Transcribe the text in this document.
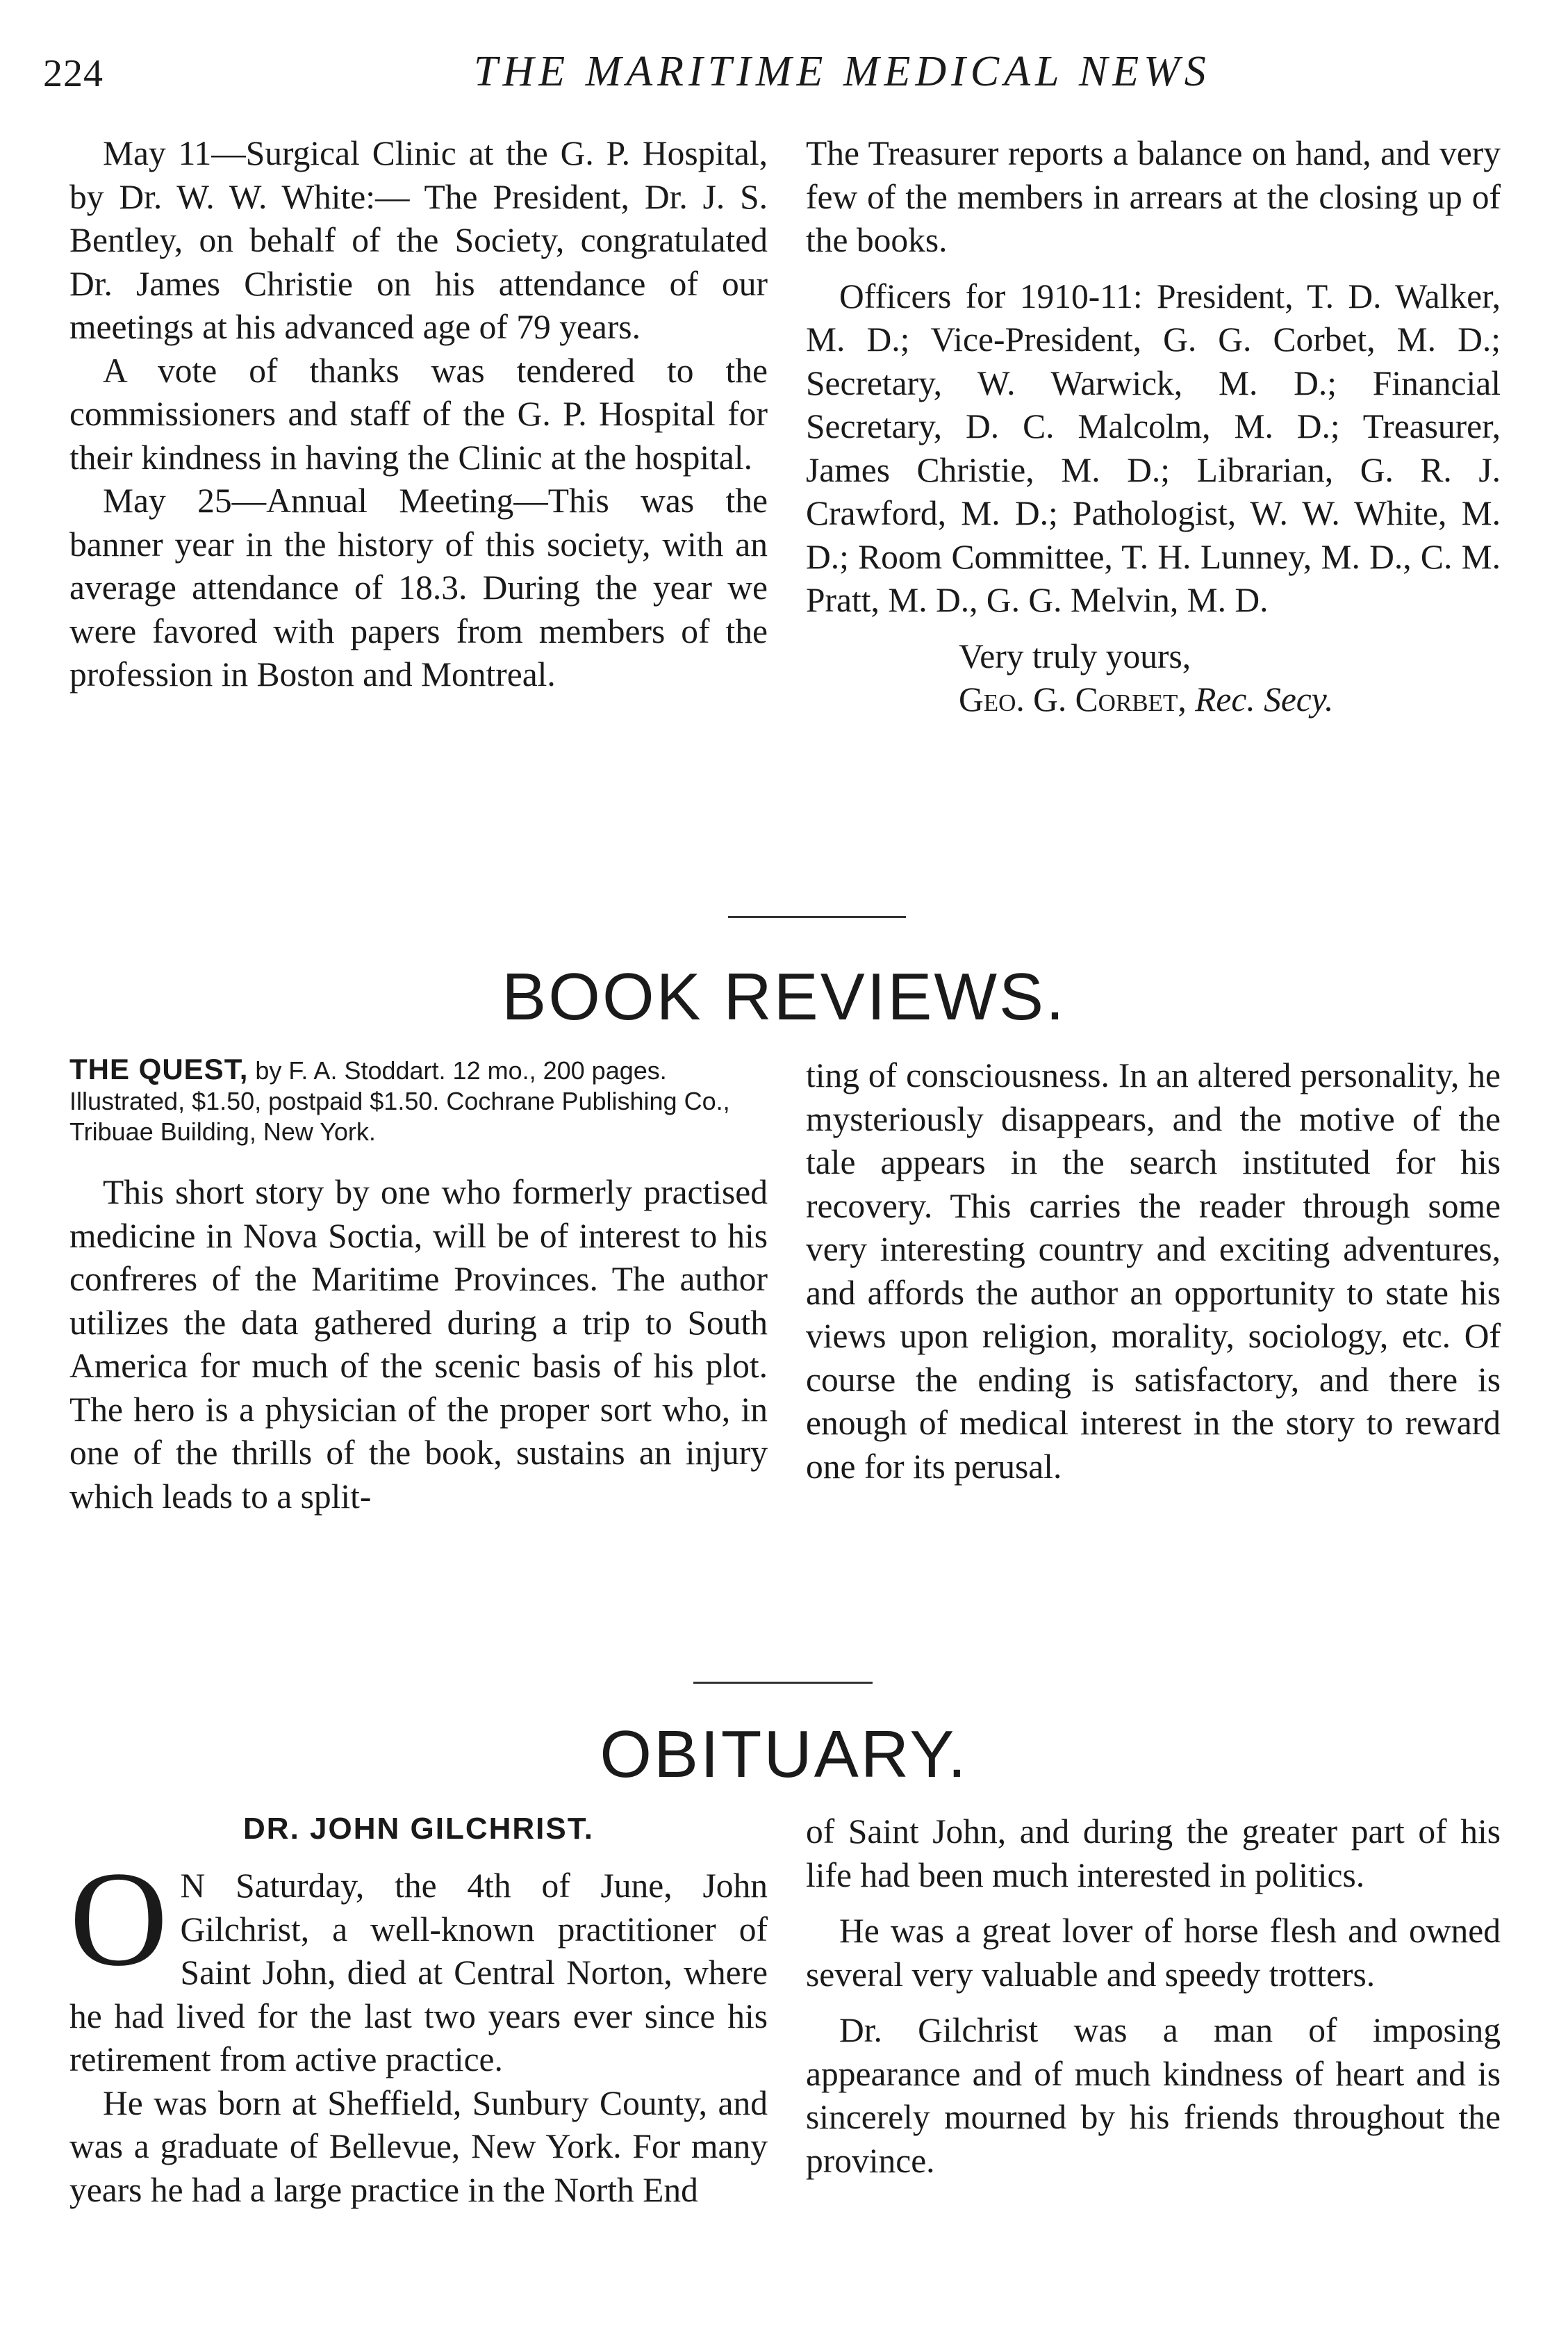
224	THE MARITIME MEDICAL NEWS

May 11—Surgical Clinic at the G. P. Hospital, by Dr. W. W. White:— The President, Dr. J. S. Bentley, on behalf of the Society, congratulated Dr. James Christie on his attendance of our meetings at his advanced age of 79 years.

A vote of thanks was tendered to the commissioners and staff of the G. P. Hospital for their kindness in having the Clinic at the hospital.

May 25—Annual Meeting—This was the banner year in the history of this society, with an average attendance of 18.3. During the year we were favored with papers from members of the profession in Boston and Montreal.

The Treasurer reports a balance on hand, and very few of the members in arrears at the closing up of the books.

Officers for 1910-11: President, T. D. Walker, M. D.; Vice-President, G. G. Corbet, M. D.; Secretary, W. Warwick, M. D.; Financial Secretary, D. C. Malcolm, M. D.; Treasurer, James Christie, M. D.; Librarian, G. R. J. Crawford, M. D.; Pathologist, W. W. White, M. D.; Room Committee, T. H. Lunney, M. D., C. M. Pratt, M. D., G. G. Melvin, M. D.

Very truly yours,

Geo. G. Corbet, Rec. Secy.

BOOK REVIEWS.
THE QUEST, by F. A. Stoddart. 12 mo., 200 pages. Illustrated, $1.50, postpaid $1.50. Cochrane Publishing Co., Tribuae Building, New York.

This short story by one who formerly practised medicine in Nova Soctia, will be of interest to his confreres of the Maritime Provinces. The author utilizes the data gathered during a trip to South America for much of the scenic basis of his plot. The hero is a physician of the proper sort who, in one of the thrills of the book, sustains an injury which leads to a split-

ting of consciousness. In an altered personality, he mysteriously disappears, and the motive of the tale appears in the search instituted for his recovery. This carries the reader through some very interesting country and exciting adventures, and affords the author an opportunity to state his views upon religion, morality, sociology, etc. Of course the ending is satisfactory, and there is enough of medical interest in the story to reward one for its perusal.

OBITUARY.
DR. JOHN GILCHRIST.

O N Saturday, the 4th of June, John Gilchrist, a well-known practitioner of Saint John, died at Central Norton, where he had lived for the last two years ever since his retirement from active practice.

He was born at Sheffield, Sunbury County, and was a graduate of Bellevue, New York. For many years he had a large practice in the North End

of Saint John, and during the greater part of his life had been much interested in politics.

He was a great lover of horse flesh and owned several very valuable and speedy trotters.

Dr. Gilchrist was a man of imposing appearance and of much kindness of heart and is sincerely mourned by his friends throughout the province.
